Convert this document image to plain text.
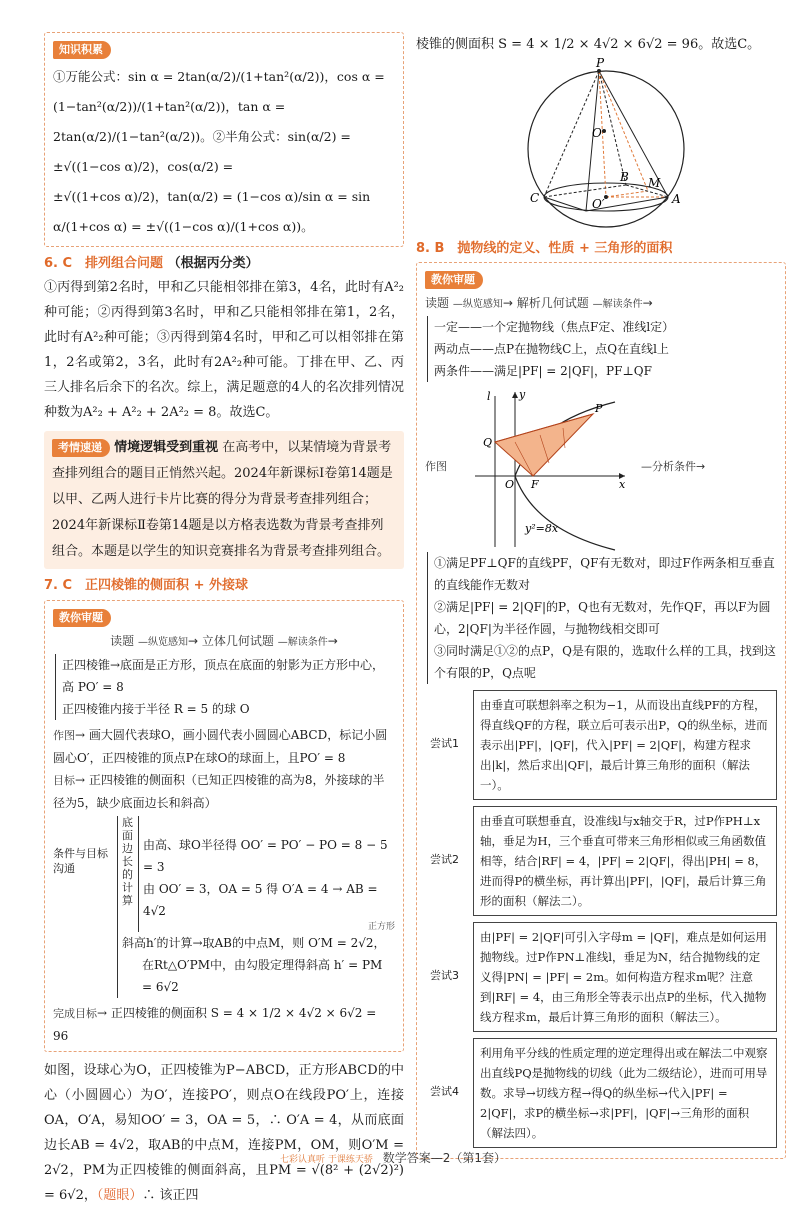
知识积累

①万能公式：sin α = 2tan(α/2)/(1+tan²(α/2))，cos α = (1−tan²(α/2))/(1+tan²(α/2))，tan α =

2tan(α/2)/(1−tan²(α/2))。②半角公式：sin(α/2) = ±√((1−cos α)/2)，cos(α/2) =

±√((1+cos α)/2)，tan(α/2) = (1−cos α)/sin α = sin α/(1+cos α) = ±√((1−cos α)/(1+cos α))。

6. C　排列组合问题 （根据丙分类）

①丙得到第2名时，甲和乙只能相邻排在第3，4名，此时有A²₂种可能；②丙得到第3名时，甲和乙只能相邻排在第1，2名，此时有A²₂种可能；③丙得到第4名时，甲和乙可以相邻排在第1，2名或第2，3名，此时有2A²₂种可能。丁排在甲、乙、丙三人排名后余下的名次。综上，满足题意的4人的名次排列情况种数为A²₂ + A²₂ + 2A²₂ = 8。故选C。

考情速递 情境逻辑受到重视 在高考中，以某情境为背景考查排列组合的题目正悄然兴起。2024年新课标Ⅰ卷第14题是以甲、乙两人进行卡片比赛的得分为背景考查排列组合；2024年新课标Ⅱ卷第14题是以方格表选数为背景考查排列组合。本题是以学生的知识竞赛排名为背景考查排列组合。

7. C　正四棱锥的侧面积 + 外接球
教你审题

读题 —纵览感知→ 立体几何试题 —解读条件→

正四棱锥→底面是正方形，顶点在底面的射影为正方形中心，高 PO′ = 8

正四棱锥内接于半径 R = 5 的球 O

作图→ 画大圆代表球O，画小圆代表小圆圆心ABCD，标记小圆圆心O′，正四棱锥的顶点P在球O的球面上，且PO′ = 8

目标→ 正四棱锥的侧面积（已知正四棱锥的高为8，外接球的半径为5，缺少底面边长和斜高）

条件与目标沟通
底面边长的计算

由高、球O半径得 OO′ = PO′ − PO = 8 − 5 = 3

由 OO′ = 3，OA = 5 得 O′A = 4 → AB = 4√2

正方形

斜高h′的计算→取AB的中点M，则 O′M = 2√2，

在Rt△O′PM中，由勾股定理得斜高 h′ = PM = 6√2

完成目标→ 正四棱锥的侧面积 S = 4 × 1/2 × 4√2 × 6√2 = 96

如图，设球心为O，正四棱锥为P−ABCD，正方形ABCD的中心（小圆圆心）为O′，连接PO′，则点O在线段PO′上，连接OA，O′A，易知OO′ = 3，OA = 5，∴ O′A = 4，从而底面边长AB = 4√2，取AB的中点M，连接PM，OM，则O′M = 2√2，PM为正四棱锥的侧面斜高，且PM = √(8² + (2√2)²) = 6√2，（题眼）∴ 该正四

棱锥的侧面积 S = 4 × 1/2 × 4√2 × 6√2 = 96。故选C。

P
O
B M
C	O′	A
8. B　抛物线的定义、性质 + 三角形的面积
教你审题

读题 —纵览感知→ 解析几何试题 —解读条件→

一定——一个定抛物线（焦点F定、准线l定）

两动点——点P在抛物线C上，点Q在直线l上

两条件——满足|PF| = 2|QF|，PF⊥QF

作图
l	y
P
Q
O F	x
y²=8x
—分析条件→

①满足PF⊥QF的直线PF，QF有无数对，即过F作两条相互垂直的直线能作无数对

②满足|PF| = 2|QF|的P，Q也有无数对，先作QF，再以F为圆心，2|QF|为半径作圆，与抛物线相交即可

③同时满足①②的点P，Q是有限的，选取什么样的工具，找到这个有限的P，Q点呢

尝试1
由垂直可联想斜率之积为−1，从而设出直线PF的方程，得直线QF的方程，联立后可表示出P，Q的纵坐标，进而表示出|PF|，|QF|，代入|PF| = 2|QF|，构建方程求出|k|，然后求出|QF|，最后计算三角形的面积（解法一）。
尝试2
由垂直可联想垂直，设准线l与x轴交于R，过P作PH⊥x轴，垂足为H，三个垂直可带来三角形相似或三角函数值相等，结合|RF| = 4，|PF| = 2|QF|，得出|PH| = 8，进而得P的横坐标，再计算出|PF|，|QF|，最后计算三角形的面积（解法二）。
尝试3
由|PF| = 2|QF|可引入字母m = |QF|，难点是如何运用抛物线。过P作PN⊥准线l，垂足为N，结合抛物线的定义得|PN| = |PF| = 2m。如何构造方程求m呢？注意到|RF| = 4，由三角形全等表示出点P的坐标，代入抛物线方程求m，最后计算三角形的面积（解法三）。
尝试4
利用角平分线的性质定理的逆定理得出或在解法二中观察出直线PQ是抛物线的切线（此为二级结论），进而可用导数。求导→切线方程→得Q的纵坐标→代入|PF| = 2|QF|，求P的横坐标→求|PF|，|QF|→三角形的面积（解法四）。
七彩认真听 于课练天骄 数学答案—2（第1套）
